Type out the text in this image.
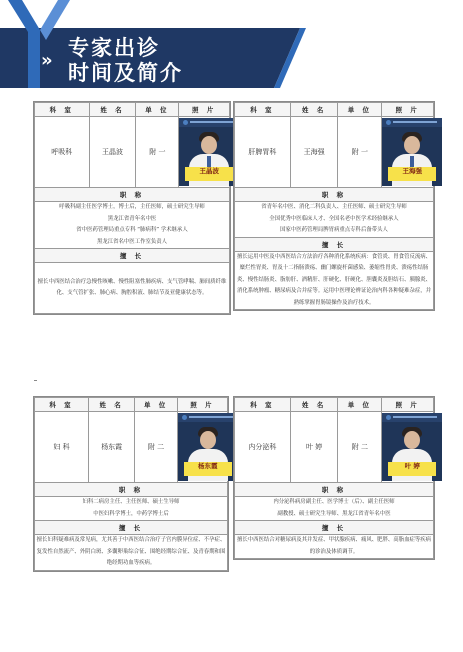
»
专家出诊
时间及简介
科 室	姓 名	单 位	照 片
呼吸科	王晶波	附 一	王晶波

职 称			

呼吸科副主任医学博士，博士后，主任医师，硕士研究生导师
黑龙江省青年名中医
省中医药管理局重点专科 “肺病科” 学术继承人
黑龙江省名中医工作室负责人			

擅 长			
擅长中西医结合治疗急慢性咳嗽、慢性阻塞性肺疾病、支气管哮喘、肺间质纤维化、支气管扩张、肺心病、胸腔积液、肺结节及亚健康状态等。			
科 室	姓 名	单 位	照 片
肝脾胃科	王海强	附 一	王海强

职 称			

省青年名中医、消化二科负责人、主任医师、硕士研究生导师
全国优秀中医临床人才、全国名老中医学术经验继承人
国家中医药管理局脾胃病重点专科后备带头人			

擅 长			
擅长运用中医及中西医结合方法治疗各种消化系统疾病：食管炎、胃食管反流病、糜烂性胃炎、胃及十二指肠溃疡、幽门螺旋杆菌感染、萎缩性胃炎、溃疡性结肠炎、慢性结肠炎、脂肪肝、酒精肝、肝硬化、肝硬化、胆囊炎及胆结石、胰腺炎、消化系统肿瘤、糖尿病及合并症等。运用中医理论辨证论治内科各种疑难杂症，并熟练掌握胃肠镜操作及治疗技术。			
科 室	姓 名	单 位	照 片
妇 科	杨东霞	附 二	杨东霞

职 称			

妇科二病房主任、主任医师、硕士生导师
中医妇科学博士，中药学博士后			

擅 长			
擅长妇科疑难病及常见病，尤其善于中西医结合治疗子宫内膜异位症、不孕症、复发性自然流产、外阴白斑、多囊卵巢综合征、围绝经期综合征、及青春期和围绝经期功血等疾病。			
科 室	姓 名	单 位	照 片
内分泌科	叶 婷	附 二	叶 婷

职 称			

内分泌科病房副主任、医学博士（后）、副主任医师
副教授、硕士研究生导师、黑龙江省青年名中医			

擅 长			
擅长中西医结合对糖尿病及其并发症、甲状腺疾病、痛风、肥胖、高脂血症等疾病的诊治及体质调节。			
